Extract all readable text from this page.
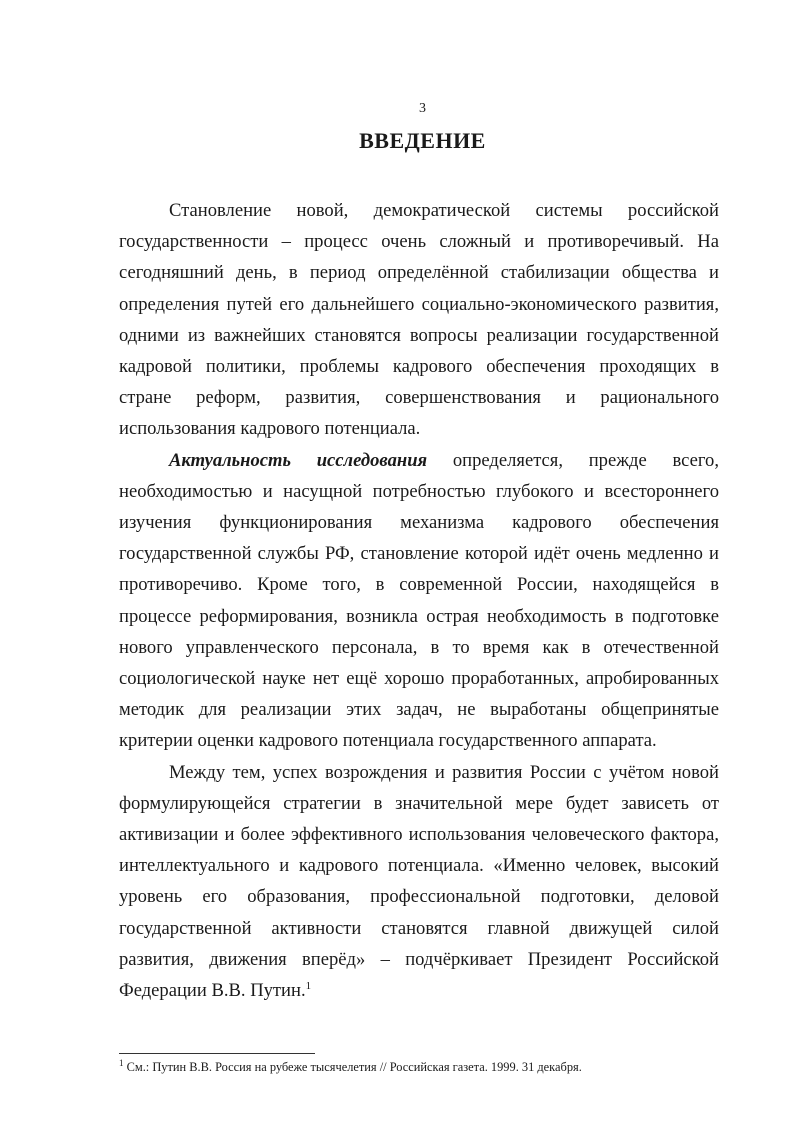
3
ВВЕДЕНИЕ

Становление новой, демократической системы российской государственности – процесс очень сложный и противоречивый. На сегодняшний день, в период определённой стабилизации общества и определения путей его дальнейшего социально-экономического развития, одними из важнейших становятся вопросы реализации государственной кадровой политики, проблемы кадрового обеспечения проходящих в стране реформ, развития, совершенствования и рационального использования кадрового потенциала.

Актуальность исследования определяется, прежде всего, необходимостью и насущной потребностью глубокого и всестороннего изучения функционирования механизма кадрового обеспечения государственной службы РФ, становление которой идёт очень медленно и противоречиво. Кроме того, в современной России, находящейся в процессе реформирования, возникла острая необходимость в подготовке нового управленческого персонала, в то время как в отечественной социологической науке нет ещё хорошо проработанных, апробированных методик для реализации этих задач, не выработаны общепринятые критерии оценки кадрового потенциала государственного аппарата.

Между тем, успех возрождения и развития России с учётом новой формулирующейся стратегии в значительной мере будет зависеть от активизации и более эффективного использования человеческого фактора, интеллектуального и кадрового потенциала. «Именно человек, высокий уровень его образования, профессиональной подготовки, деловой государственной активности становятся главной движущей силой развития, движения вперёд» – подчёркивает Президент Российской Федерации В.В. Путин.$^1$

$^1$ См.: Путин В.В. Россия на рубеже тысячелетия // Российская газета. 1999. 31 декабря.
